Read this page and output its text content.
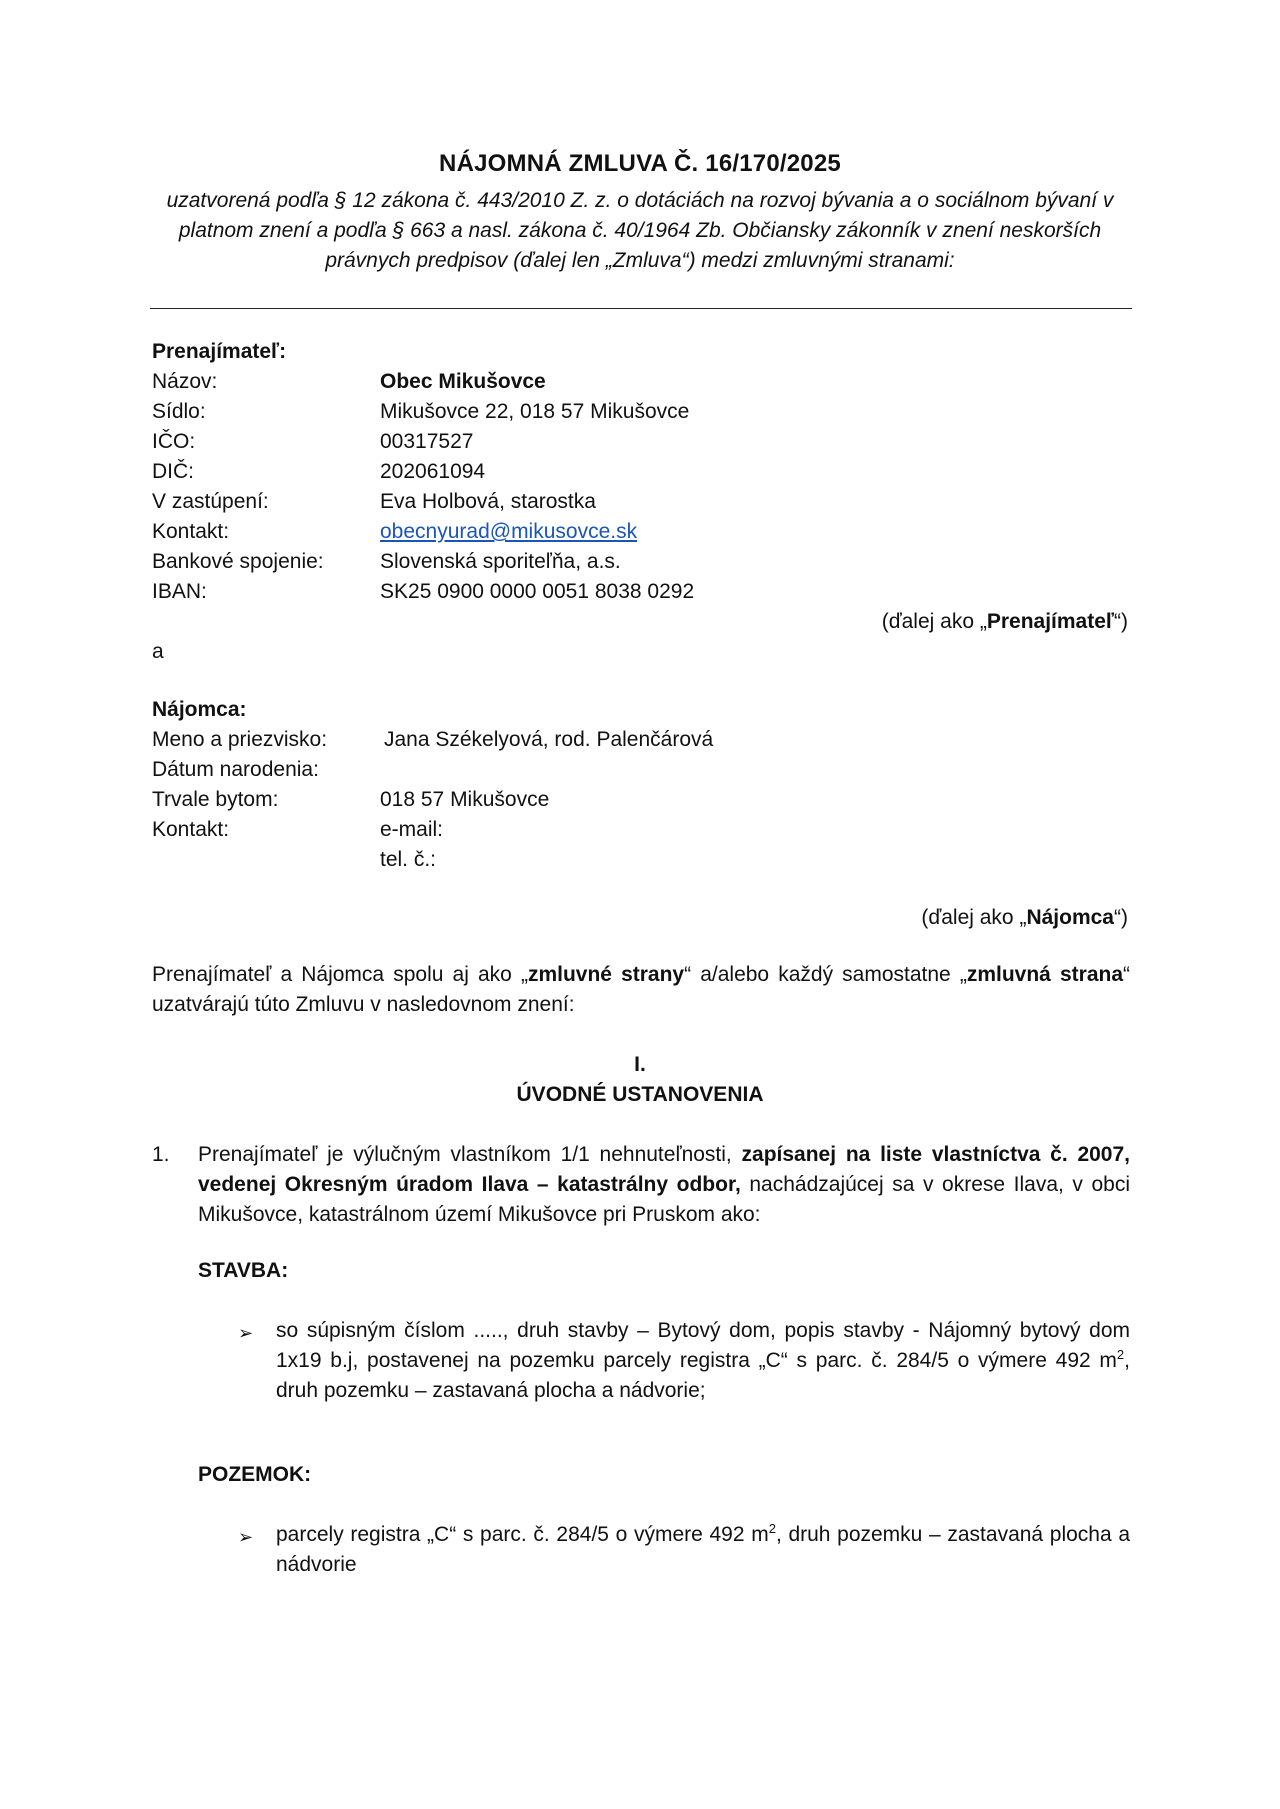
NÁJOMNÁ ZMLUVA Č. 16/170/2025
uzatvorená podľa § 12 zákona č. 443/2010 Z. z. o dotáciách na rozvoj bývania a o sociálnom bývaní v platnom znení a podľa § 663 a nasl. zákona č. 40/1964 Zb. Občiansky zákonník v znení neskorších právnych predpisov (ďalej len „Zmluva“) medzi zmluvnými stranami:
Prenajímateľ:
Názov:	Obec Mikušovce
Sídlo:	Mikušovce 22, 018 57 Mikušovce
IČO:	00317527
DIČ:	202061094
V zastúpení:	Eva Holbová, starostka
Kontakt:	obecnyurad@mikusovce.sk
Bankové spojenie:	Slovenská sporiteľňa, a.s.
IBAN:	SK25 0900 0000 0051 8038 0292
(ďalej ako „Prenajímateľ“)
a
Nájomca:
Meno a priezvisko:	Jana Székelyová, rod. Palenčárová
Dátum narodenia:
Trvale bytom:	018 57 Mikušovce
Kontakt:	e-mail:
tel. č.:
(ďalej ako „Nájomca“)
Prenajímateľ a Nájomca spolu aj ako „zmluvné strany“ a/alebo každý samostatne „zmluvná strana“
uzatvárajú túto Zmluvu v nasledovnom znení:
I.
ÚVODNÉ USTANOVENIA
1. Prenajímateľ je výlučným vlastníkom 1/1 nehnuteľnosti, zapísanej na liste vlastníctva č. 2007, vedenej Okresným úradom Ilava – katastrálny odbor, nachádzajúcej sa v okrese Ilava, v obci Mikušovce, katastrálnom území Mikušovce pri Pruskom ako:
STAVBA:
➢ so súpisným číslom ....., druh stavby – Bytový dom, popis stavby - Nájomný bytový dom 1x19 b.j, postavenej na pozemku parcely registra „C“ s parc. č. 284/5 o výmere 492 $m^2$, druh pozemku – zastavaná plocha a nádvorie;
POZEMOK:
➢ parcely registra „C“ s parc. č. 284/5 o výmere 492 $m^2$, druh pozemku – zastavaná plocha a nádvorie
